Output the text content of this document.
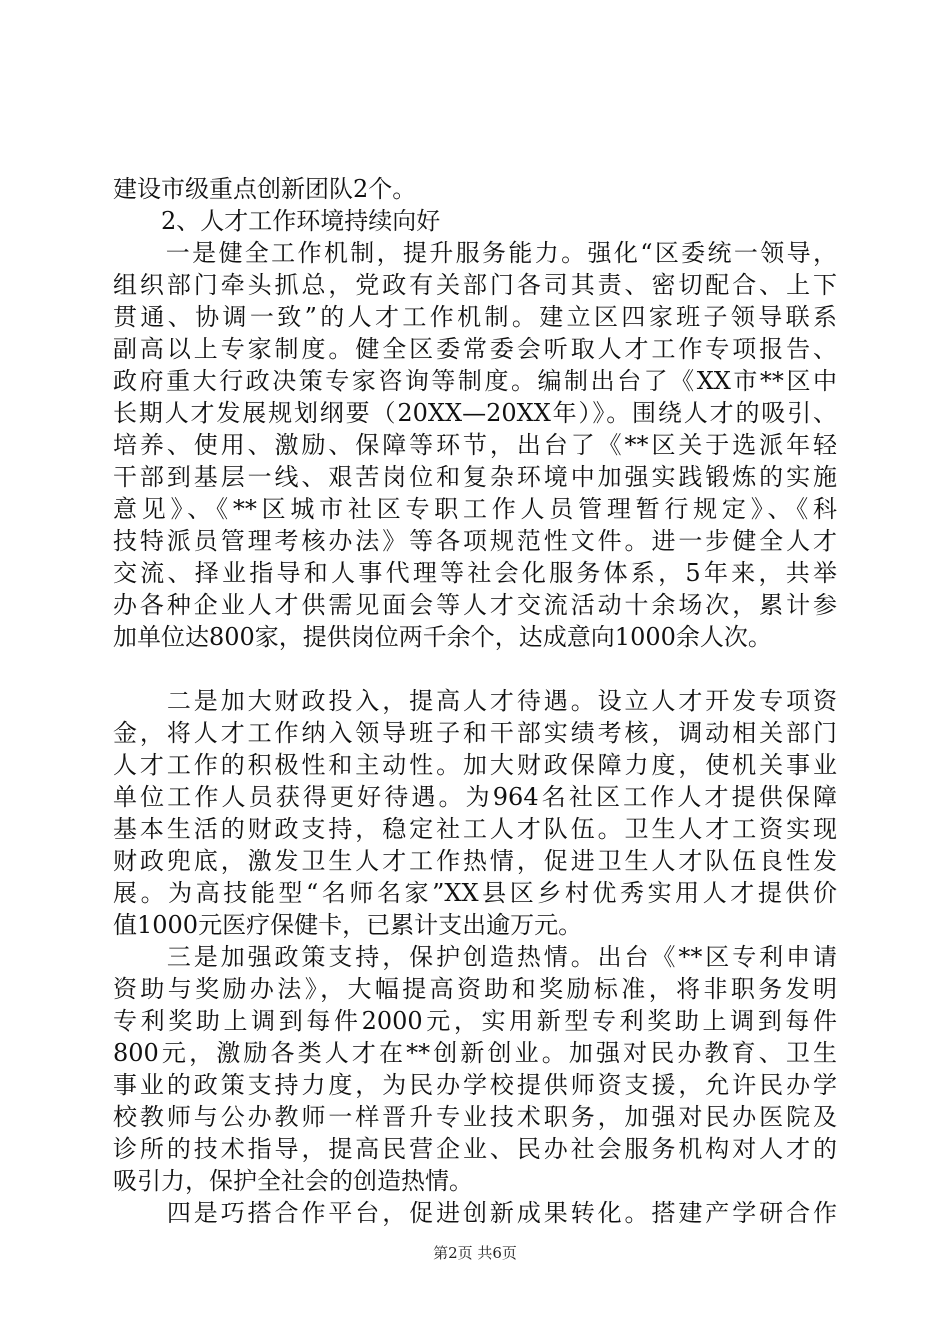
建设市级重点创新团队2个。
　　2、人才工作环境持续向好
　　一是健全工作机制，提升服务能力。强化“区委统一领导，
组织部门牵头抓总，党政有关部门各司其责、密切配合、上下
贯通、协调一致”的人才工作机制。建立区四家班子领导联系
副高以上专家制度。健全区委常委会听取人才工作专项报告、
政府重大行政决策专家咨询等制度。编制出台了《XX市**区中
长期人才发展规划纲要（20XX—20XX年）》。围绕人才的吸引、
培养、使用、激励、保障等环节，出台了《**区关于选派年轻
干部到基层一线、艰苦岗位和复杂环境中加强实践锻炼的实施
意见》、《**区城市社区专职工作人员管理暂行规定》、《科
技特派员管理考核办法》等各项规范性文件。进一步健全人才
交流、择业指导和人事代理等社会化服务体系，5年来，共举
办各种企业人才供需见面会等人才交流活动十余场次，累计参
加单位达800家，提供岗位两千余个，达成意向1000余人次。
　　二是加大财政投入，提高人才待遇。设立人才开发专项资
金，将人才工作纳入领导班子和干部实绩考核，调动相关部门
人才工作的积极性和主动性。加大财政保障力度，使机关事业
单位工作人员获得更好待遇。为964名社区工作人才提供保障
基本生活的财政支持，稳定社工人才队伍。卫生人才工资实现
财政兜底，激发卫生人才工作热情，促进卫生人才队伍良性发
展。为高技能型“名师名家”XX县区乡村优秀实用人才提供价
值1000元医疗保健卡，已累计支出逾万元。
　　三是加强政策支持，保护创造热情。出台《**区专利申请
资助与奖励办法》，大幅提高资助和奖励标准，将非职务发明
专利奖助上调到每件2000元，实用新型专利奖助上调到每件
800元，激励各类人才在**创新创业。加强对民办教育、卫生
事业的政策支持力度，为民办学校提供师资支援，允许民办学
校教师与公办教师一样晋升专业技术职务，加强对民办医院及
诊所的技术指导，提高民营企业、民办社会服务机构对人才的
吸引力，保护全社会的创造热情。
　　四是巧搭合作平台，促进创新成果转化。搭建产学研合作
第2页 共6页
